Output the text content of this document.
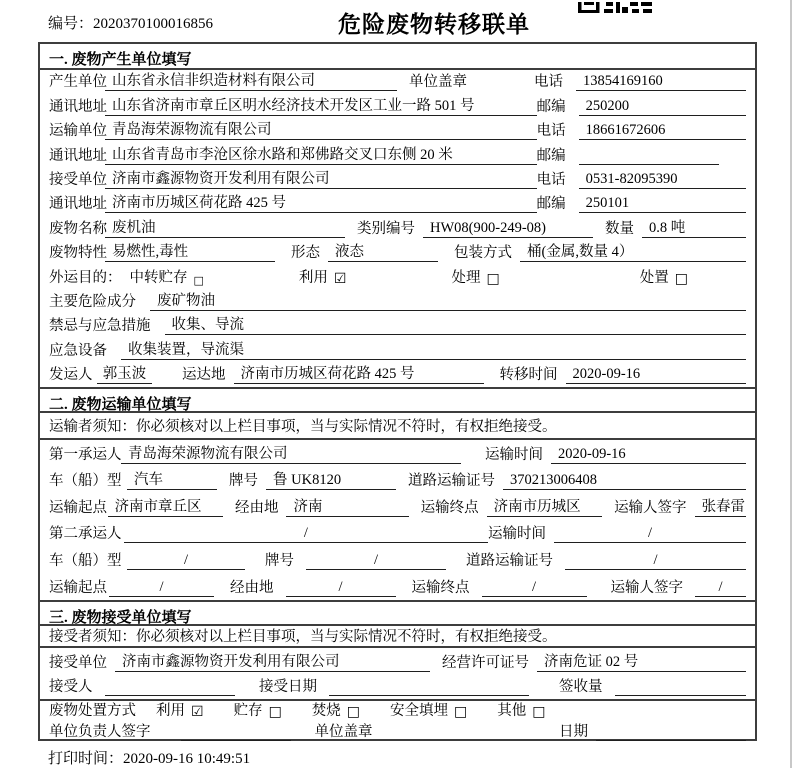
编号：2020370100016856	危险废物转移联单
一. 废物产生单位填写
产生单位 山东省永信非织造材料有限公司	单位盖章	电话	13854169160
通讯地址 山东省济南市章丘区明水经济技术开发区工业一路 501 号	邮编	250200
运输单位 青岛海荣源物流有限公司	电话	18661672606
通讯地址 山东省青岛市李沧区徐水路和郑佛路交叉口东侧 20 米	邮编
接受单位 济南市鑫源物资开发利用有限公司	电话	0531-82095390
通讯地址 济南市历城区荷花路 425 号	邮编	250101
废物名称 废机油	类别编号	HW08(900-249-08)	数量	0.8 吨
废物特性 易燃性,毒性	形态	液态	包装方式	桶(金属,数量 4）
外运目的： 中转贮存 □	利用 ☑	处理 □	处置 □
主要危险成分	废矿物油
禁忌与应急措施	收集、导流
应急设备	收集装置，导流渠
发运人 郭玉波	运达地	济南市历城区荷花路 425 号	转移时间	2020-09-16
二. 废物运输单位填写
运输者须知：你必须核对以上栏目事项，当与实际情况不符时，有权拒绝接受。
第一承运人 青岛海荣源物流有限公司	运输时间	2020-09-16
车（船）型 汽车	牌号	鲁 UK8120	道路运输证号	370213006408
运输起点 济南市章丘区	经由地	济南	运输终点	济南市历城区	运输人签字	张春雷
第二承运人	/	运输时间	/
车（船）型	/	牌号	/	道路运输证号	/
运输起点	/	经由地	/	运输终点	/	运输人签字	/
三. 废物接受单位填写
接受者须知：你必须核对以上栏目事项，当与实际情况不符时，有权拒绝接受。
接受单位	济南市鑫源物资开发利用有限公司	经营许可证号	济南危证 02 号
接受人	接受日期	签收量
废物处置方式 利用 ☑ 贮存 □ 焚烧 □ 安全填埋 □ 其他 □
单位负责人签字	单位盖章	日期
打印时间：2020-09-16 10:49:51
